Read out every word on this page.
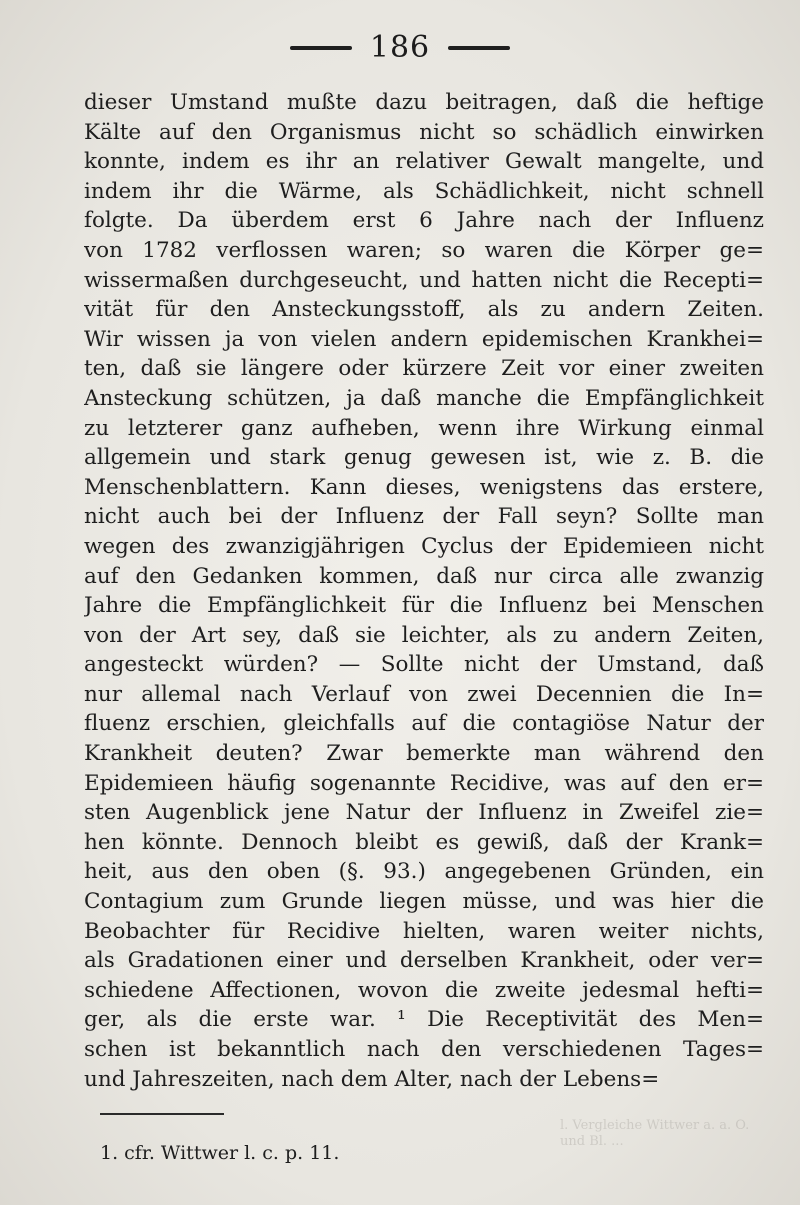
186
dieser Umstand mußte dazu beitragen, daß die heftige
Kälte auf den Organismus nicht so schädlich einwirken
konnte, indem es ihr an relativer Gewalt mangelte, und
indem ihr die Wärme, als Schädlichkeit, nicht schnell
folgte. Da überdem erst 6 Jahre nach der Influenz
von 1782 verflossen waren; so waren die Körper ge=
wissermaßen durchgeseucht, und hatten nicht die Recepti=
vität für den Ansteckungsstoff, als zu andern Zeiten.
Wir wissen ja von vielen andern epidemischen Krankhei=
ten, daß sie längere oder kürzere Zeit vor einer zweiten
Ansteckung schützen, ja daß manche die Empfänglichkeit
zu letzterer ganz aufheben, wenn ihre Wirkung einmal
allgemein und stark genug gewesen ist, wie z. B. die
Menschenblattern. Kann dieses, wenigstens das erstere,
nicht auch bei der Influenz der Fall seyn? Sollte man
wegen des zwanzigjährigen Cyclus der Epidemieen nicht
auf den Gedanken kommen, daß nur circa alle zwanzig
Jahre die Empfänglichkeit für die Influenz bei Menschen
von der Art sey, daß sie leichter, als zu andern Zeiten,
angesteckt würden? — Sollte nicht der Umstand, daß
nur allemal nach Verlauf von zwei Decennien die In=
fluenz erschien, gleichfalls auf die contagiöse Natur der
Krankheit deuten? Zwar bemerkte man während den
Epidemieen häufig sogenannte Recidive, was auf den er=
sten Augenblick jene Natur der Influenz in Zweifel zie=
hen könnte. Dennoch bleibt es gewiß, daß der Krank=
heit, aus den oben (§. 93.) angegebenen Gründen, ein
Contagium zum Grunde liegen müsse, und was hier die
Beobachter für Recidive hielten, waren weiter nichts,
als Gradationen einer und derselben Krankheit, oder ver=
schiedene Affectionen, wovon die zweite jedesmal hefti=
ger, als die erste war. ¹ Die Receptivität des Men=
schen ist bekanntlich nach den verschiedenen Tages=
und Jahreszeiten, nach dem Alter, nach der Lebens=
1. cfr. Wittwer l. c. p. 11.
l. Vergleiche Wittwer a. a. O.
und Bl. ...
